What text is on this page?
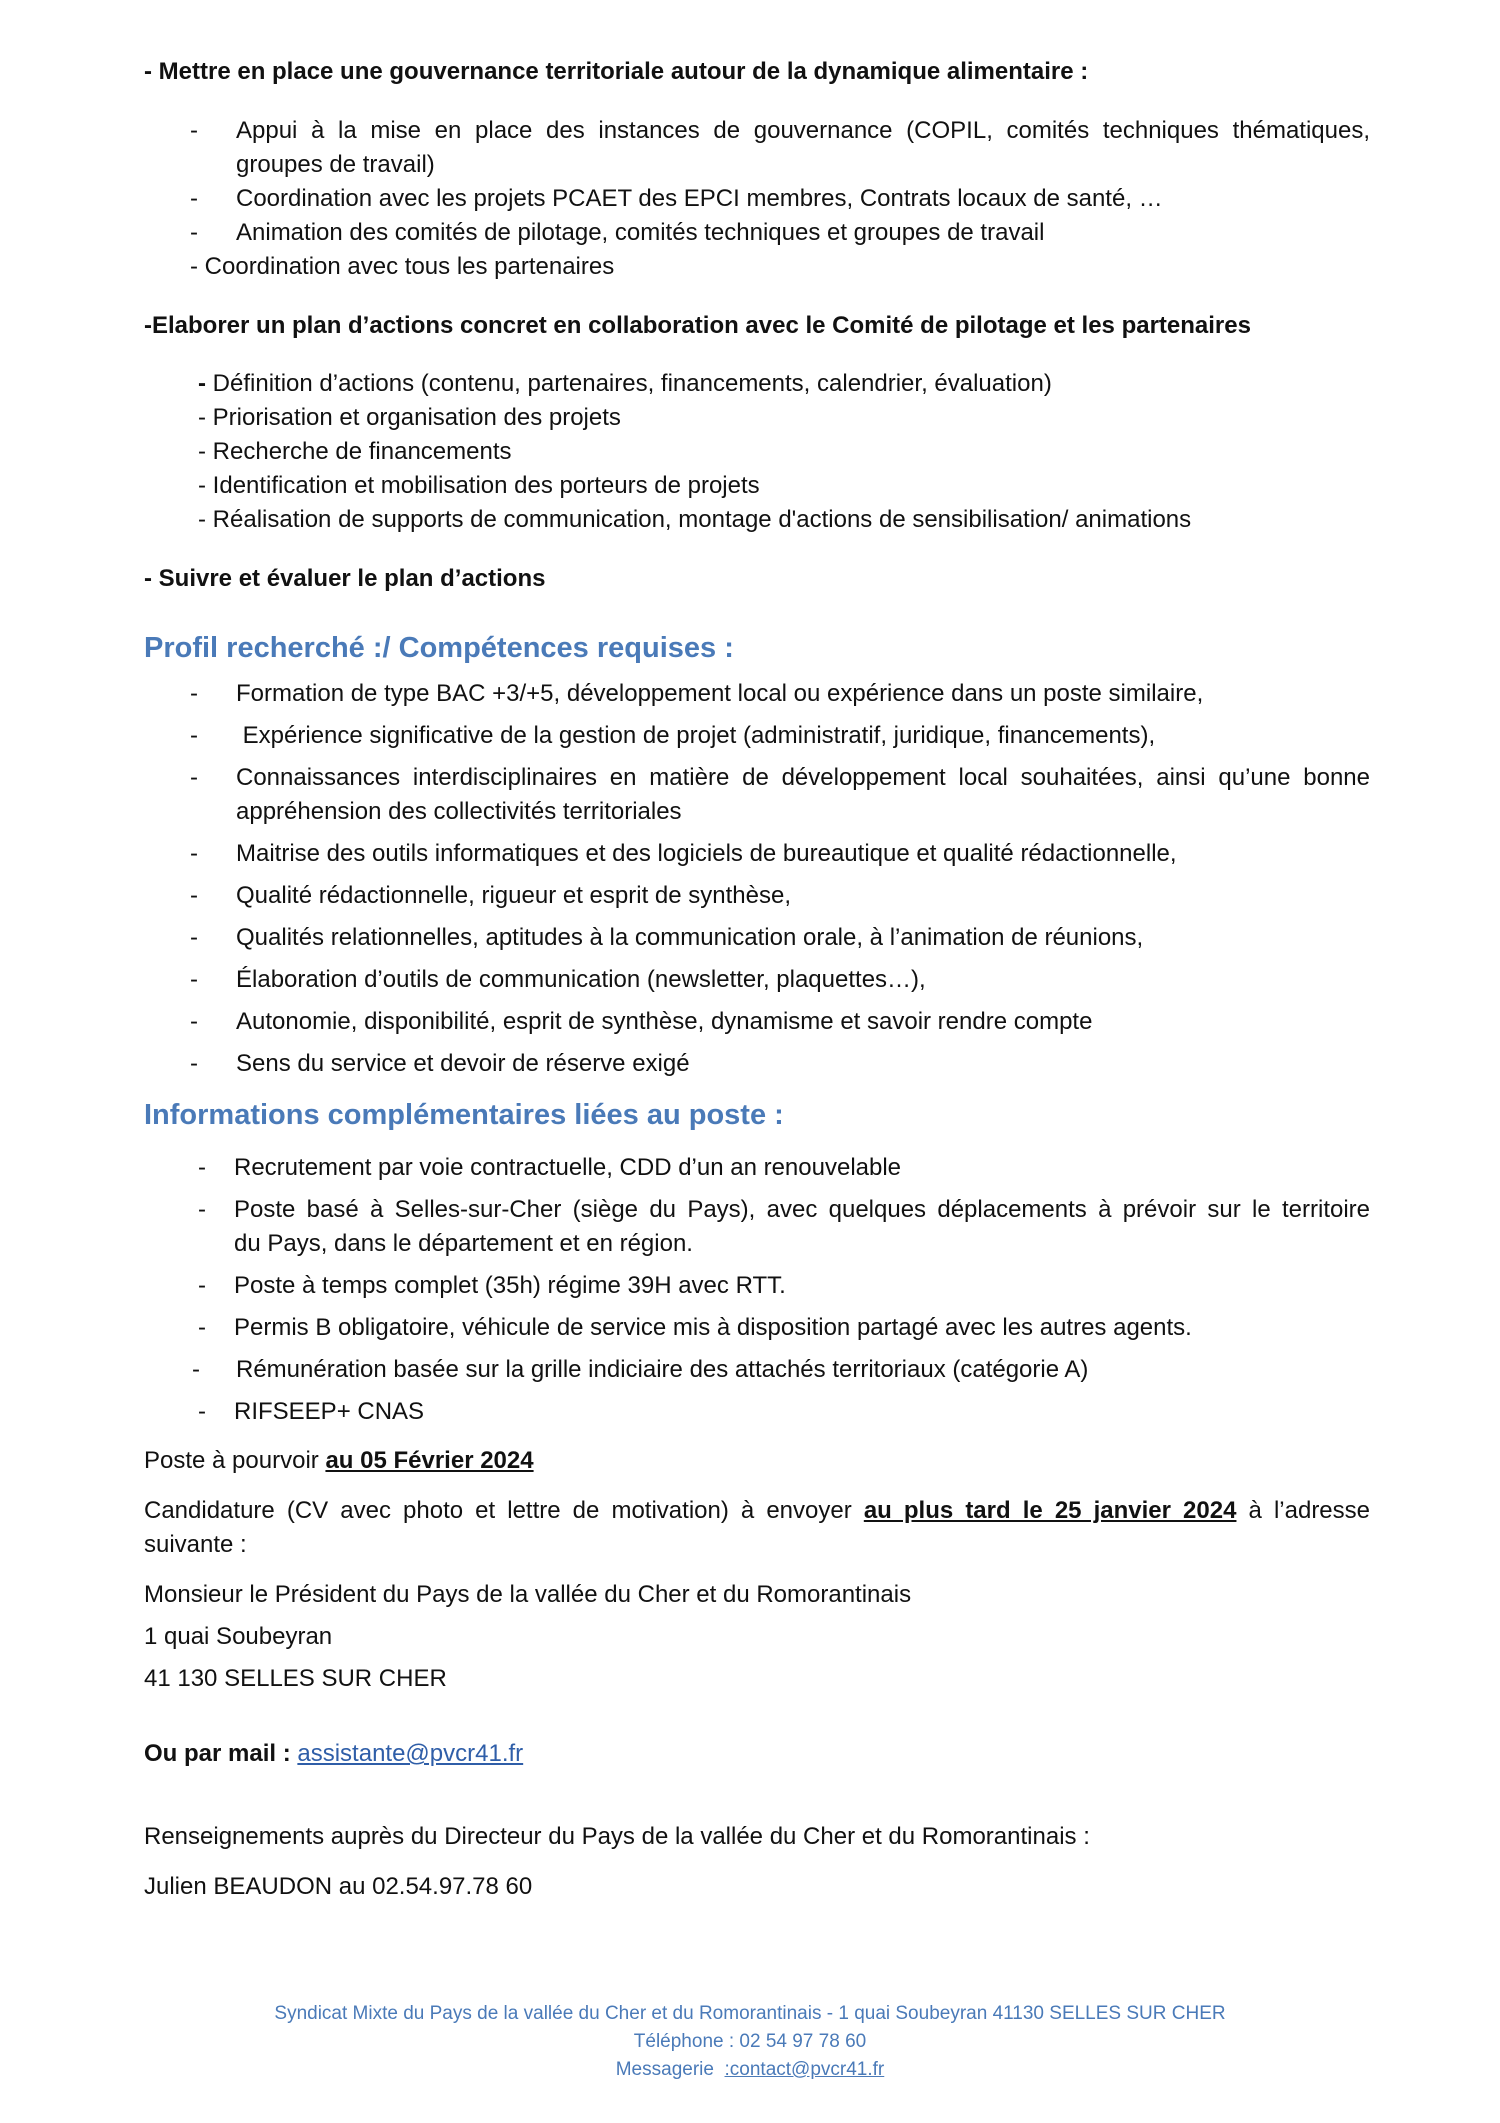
- Mettre en place une gouvernance territoriale autour de la dynamique alimentaire :
- Appui à la mise en place des instances de gouvernance (COPIL, comités techniques thématiques,
groupes de travail)
- Coordination avec les projets PCAET des EPCI membres, Contrats locaux de santé, …
- Animation des comités de pilotage, comités techniques et groupes de travail
- Coordination avec tous les partenaires
-Elaborer un plan d’actions concret en collaboration avec le Comité de pilotage et les partenaires
- Définition d’actions (contenu, partenaires, financements, calendrier, évaluation)
- Priorisation et organisation des projets
- Recherche de financements
- Identification et mobilisation des porteurs de projets
- Réalisation de supports de communication, montage d'actions de sensibilisation/ animations
- Suivre et évaluer le plan d’actions
Profil recherché :/ Compétences requises :
- Formation de type BAC +3/+5, développement local ou expérience dans un poste similaire,
- Expérience significative de la gestion de projet (administratif, juridique, financements),
- Connaissances interdisciplinaires en matière de développement local souhaitées, ainsi qu’une bonne
appréhension des collectivités territoriales
- Maitrise des outils informatiques et des logiciels de bureautique et qualité rédactionnelle,
- Qualité rédactionnelle, rigueur et esprit de synthèse,
- Qualités relationnelles, aptitudes à la communication orale, à l’animation de réunions,
- Élaboration d’outils de communication (newsletter, plaquettes…),
- Autonomie, disponibilité, esprit de synthèse, dynamisme et savoir rendre compte
- Sens du service et devoir de réserve exigé
Informations complémentaires liées au poste :
- Recrutement par voie contractuelle, CDD d’un an renouvelable
- Poste basé à Selles-sur-Cher (siège du Pays), avec quelques déplacements à prévoir sur le territoire
du Pays, dans le département et en région.
- Poste à temps complet (35h) régime 39H avec RTT.
- Permis B obligatoire, véhicule de service mis à disposition partagé avec les autres agents.
- Rémunération basée sur la grille indiciaire des attachés territoriaux (catégorie A)
- RIFSEEP+ CNAS
Poste à pourvoir au 05 Février 2024
Candidature (CV avec photo et lettre de motivation) à envoyer au plus tard le 25 janvier 2024 à l’adresse
suivante :
Monsieur le Président du Pays de la vallée du Cher et du Romorantinais
1 quai Soubeyran
41 130 SELLES SUR CHER
Ou par mail : assistante@pvcr41.fr
Renseignements auprès du Directeur du Pays de la vallée du Cher et du Romorantinais :
Julien BEAUDON au 02.54.97.78 60
Syndicat Mixte du Pays de la vallée du Cher et du Romorantinais - 1 quai Soubeyran 41130 SELLES SUR CHER
Téléphone : 02 54 97 78 60
Messagerie  :contact@pvcr41.fr
